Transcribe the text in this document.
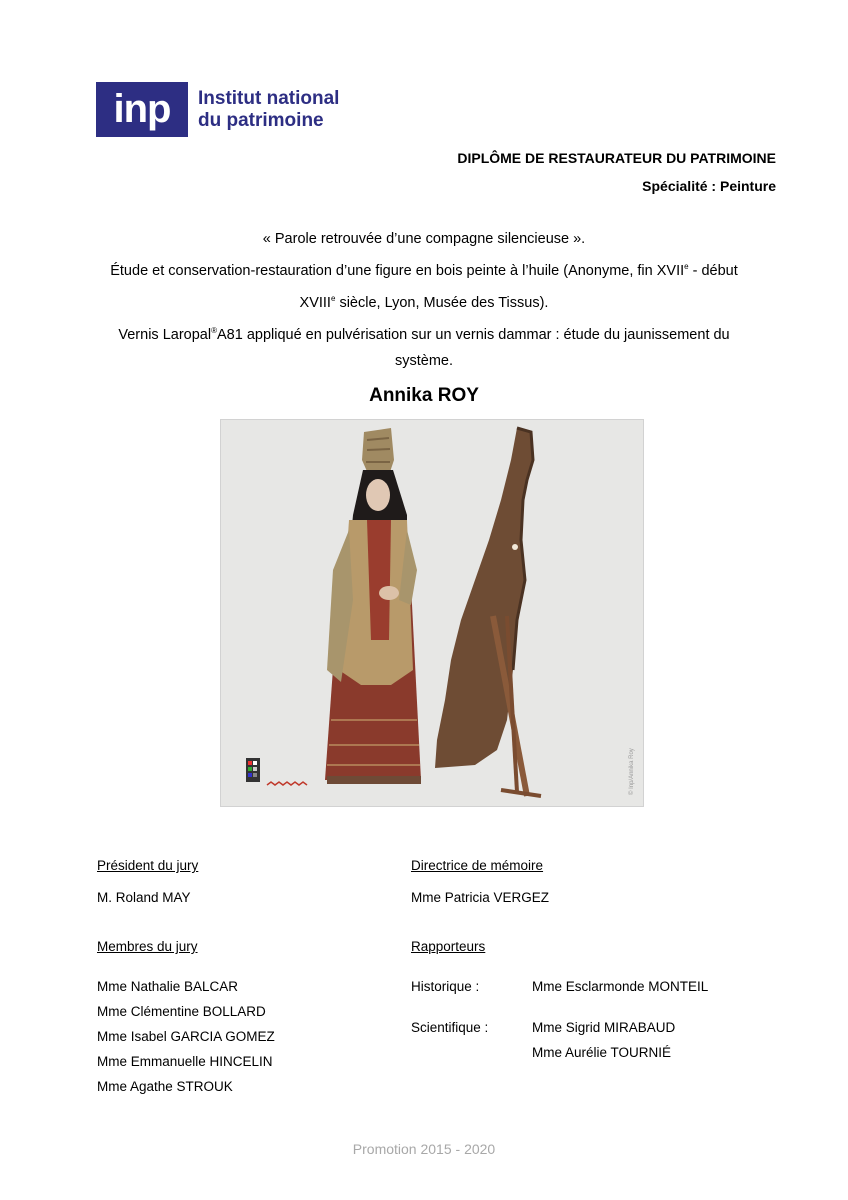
inp	Institut national
du patrimoine
DIPLÔME DE RESTAURATEUR DU PATRIMOINE
Spécialité : Peinture
« Parole retrouvée d’une compagne silencieuse ».
Étude et conservation-restauration d’une figure en bois peinte à l’huile (Anonyme, fin XVIIe - début
XVIIIe siècle, Lyon, Musée des Tissus).
Vernis Laropal®A81 appliqué en pulvérisation sur un vernis dammar : étude du jaunissement du
système.
Annika ROY
© Inp/Annika Roy
Président du jury
M. Roland MAY
Membres du jury
Mme Nathalie BALCAR
Mme Clémentine BOLLARD
Mme Isabel GARCIA GOMEZ
Mme Emmanuelle HINCELIN
Mme Agathe STROUK
Directrice de mémoire
Mme Patricia VERGEZ
Rapporteurs
Historique :	Mme Esclarmonde MONTEIL
Scientifique :	Mme Sigrid MIRABAUD
Mme Aurélie TOURNIÉ
Promotion 2015 - 2020
